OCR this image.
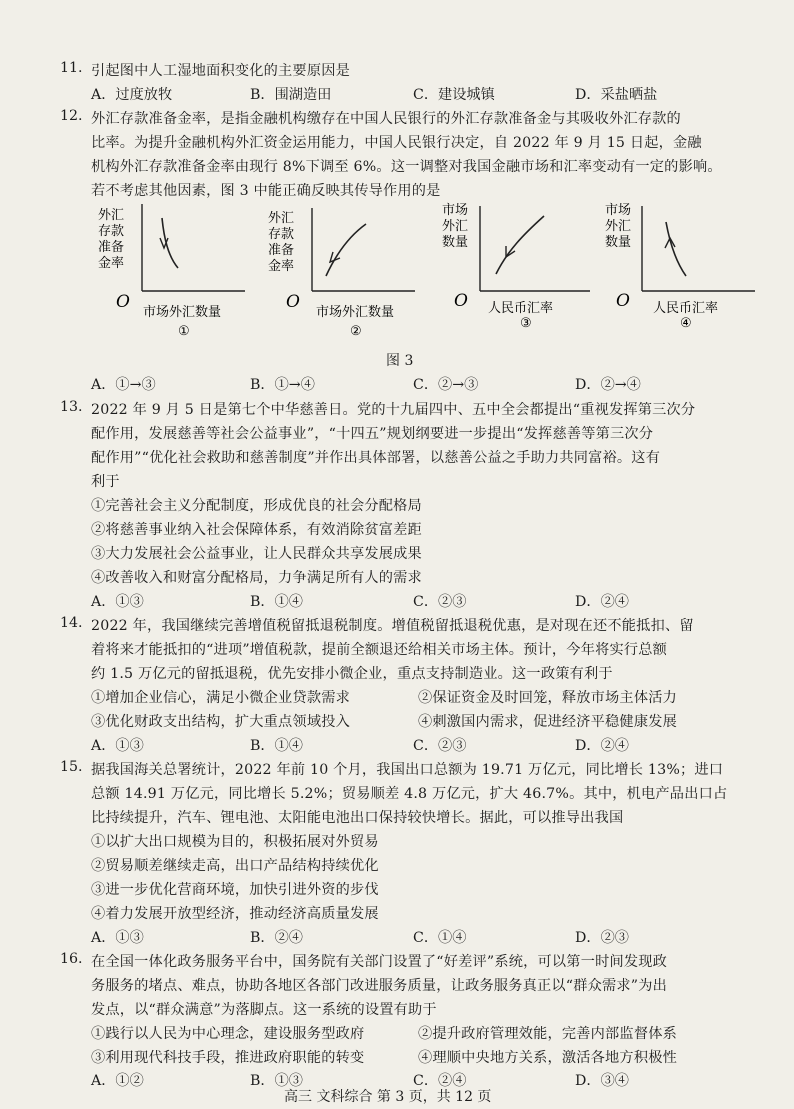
11. 引起图中人工湿地面积变化的主要原因是
A．过度放牧	B．围湖造田	C．建设城镇	D．采盐晒盐
12. 外汇存款准备金率，是指金融机构缴存在中国人民银行的外汇存款准备金与其吸收外汇存款的
比率。为提升金融机构外汇资金运用能力，中国人民银行决定，自 2022 年 9 月 15 日起，金融
机构外汇存款准备金率由现行 8%下调至 6%。这一调整对我国金融市场和汇率变动有一定的影响。
若不考虑其他因素，图 3 中能正确反映其传导作用的是
外汇
存款
准备
金率
O
市场外汇数量
①
外汇
存款
准备
金率
O
市场外汇数量
②
市场
外汇
数量
O 人民币汇率
③
市场
外汇
数量
O 人民币汇率
④
图 3
A．①→③	B．①→④	C．②→③	D．②→④
13. 2022 年 9 月 5 日是第七个中华慈善日。党的十九届四中、五中全会都提出“重视发挥第三次分
配作用，发展慈善等社会公益事业”，“十四五”规划纲要进一步提出“发挥慈善等第三次分
配作用”“优化社会救助和慈善制度”并作出具体部署，以慈善公益之手助力共同富裕。这有
利于
①完善社会主义分配制度，形成优良的社会分配格局
②将慈善事业纳入社会保障体系，有效消除贫富差距
③大力发展社会公益事业，让人民群众共享发展成果
④改善收入和财富分配格局，力争满足所有人的需求
A．①③	B．①④	C．②③	D．②④
14. 2022 年，我国继续完善增值税留抵退税制度。增值税留抵退税优惠，是对现在还不能抵扣、留
着将来才能抵扣的“进项”增值税款，提前全额退还给相关市场主体。预计，今年将实行总额
约 1.5 万亿元的留抵退税，优先安排小微企业，重点支持制造业。这一政策有利于
①增加企业信心，满足小微企业贷款需求	②保证资金及时回笼，释放市场主体活力
③优化财政支出结构，扩大重点领域投入	④刺激国内需求，促进经济平稳健康发展
A．①③	B．①④	C．②③	D．②④
15. 据我国海关总署统计，2022 年前 10 个月，我国出口总额为 19.71 万亿元，同比增长 13%；进口
总额 14.91 万亿元，同比增长 5.2%；贸易顺差 4.8 万亿元，扩大 46.7%。其中，机电产品出口占
比持续提升，汽车、锂电池、太阳能电池出口保持较快增长。据此，可以推导出我国
①以扩大出口规模为目的，积极拓展对外贸易
②贸易顺差继续走高，出口产品结构持续优化
③进一步优化营商环境，加快引进外资的步伐
④着力发展开放型经济，推动经济高质量发展
A．①③	B．②④	C．①④	D．②③
16. 在全国一体化政务服务平台中，国务院有关部门设置了“好差评”系统，可以第一时间发现政
务服务的堵点、难点，协助各地区各部门改进服务质量，让政务服务真正以“群众需求”为出
发点，以“群众满意”为落脚点。这一系统的设置有助于
①践行以人民为中心理念，建设服务型政府	②提升政府管理效能，完善内部监督体系
③利用现代科技手段，推进政府职能的转变	④理顺中央地方关系，激活各地方积极性
A．①②	B．①③	C．②④	D．③④
高三 文科综合 第 3 页，共 12 页
